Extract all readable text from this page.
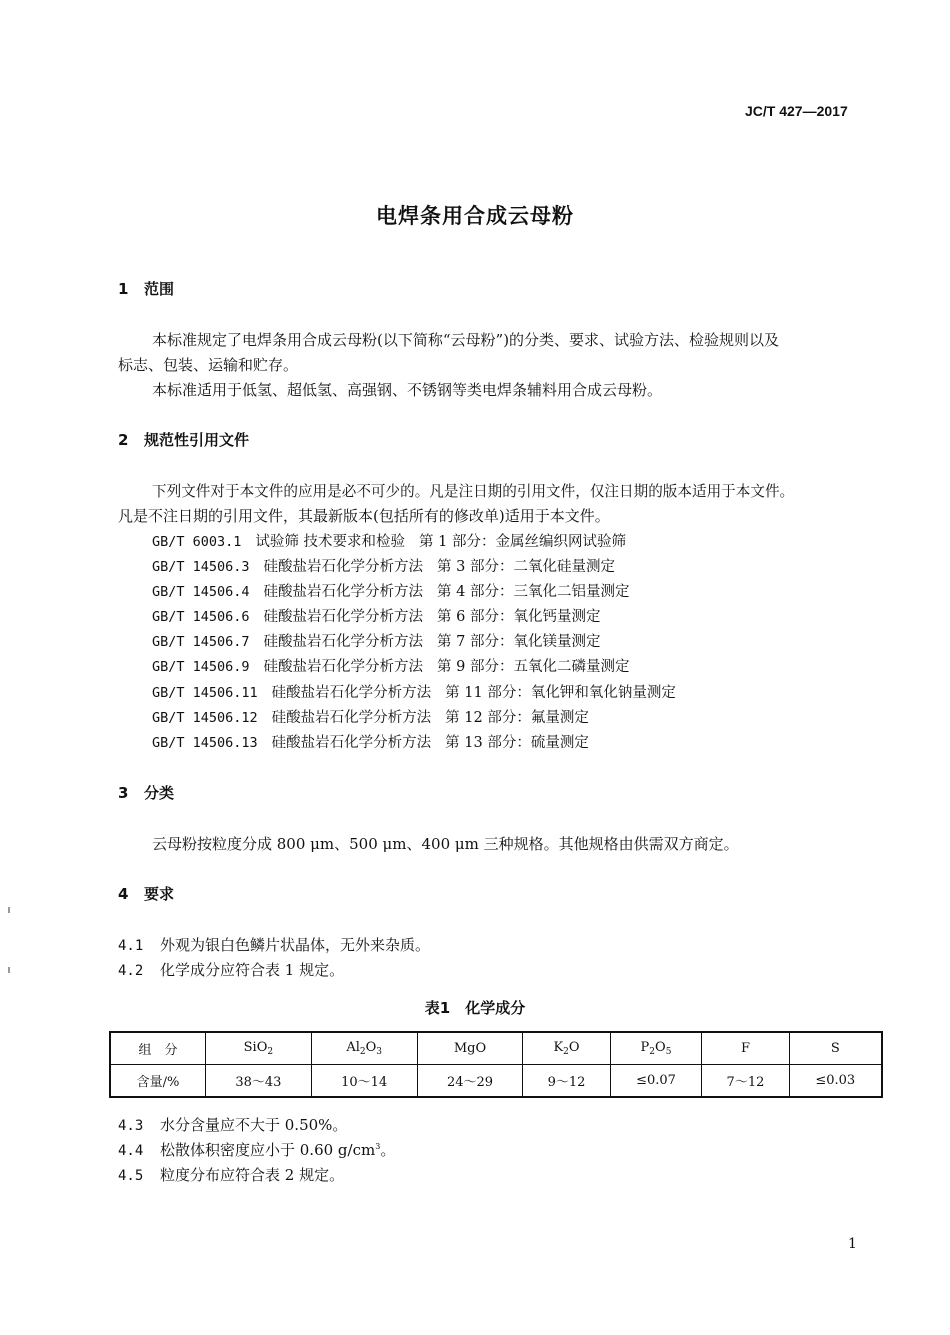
JC/T 427—2017
电焊条用合成云母粉
1 范围
本标准规定了电焊条用合成云母粉(以下简称“云母粉”)的分类、要求、试验方法、检验规则以及
标志、包装、运输和贮存。
本标准适用于低氢、超低氢、高强钢、不锈钢等类电焊条辅料用合成云母粉。
2 规范性引用文件
下列文件对于本文件的应用是必不可少的。凡是注日期的引用文件，仅注日期的版本适用于本文件。
凡是不注日期的引用文件，其最新版本(包括所有的修改单)适用于本文件。
GB/T 6003.1 试验筛 技术要求和检验 第 1 部分：金属丝编织网试验筛
GB/T 14506.3 硅酸盐岩石化学分析方法 第 3 部分：二氧化硅量测定
GB/T 14506.4 硅酸盐岩石化学分析方法 第 4 部分：三氧化二铝量测定
GB/T 14506.6 硅酸盐岩石化学分析方法 第 6 部分：氧化钙量测定
GB/T 14506.7 硅酸盐岩石化学分析方法 第 7 部分：氧化镁量测定
GB/T 14506.9 硅酸盐岩石化学分析方法 第 9 部分：五氧化二磷量测定
GB/T 14506.11 硅酸盐岩石化学分析方法 第 11 部分：氧化钾和氧化钠量测定
GB/T 14506.12 硅酸盐岩石化学分析方法 第 12 部分：氟量测定
GB/T 14506.13 硅酸盐岩石化学分析方法 第 13 部分：硫量测定
3 分类
云母粉按粒度分成 800 μm、500 μm、400 μm 三种规格。其他规格由供需双方商定。
4 要求
4.1 外观为银白色鳞片状晶体，无外来杂质。
4.2 化学成分应符合表 1 规定。
表1　化学成分
组　分	SiO$_2$	$Al_2O_3$	MgO	$K_2O$	$P_2O_5$	F	S
含量/%	38～43	10～14	24～29	9～12	≤0.07	7～12	≤0.03
4.3 水分含量应不大于 0.50%。
4.4 松散体积密度应小于 0.60 $g/cm^3$。
4.5 粒度分布应符合表 2 规定。
1
